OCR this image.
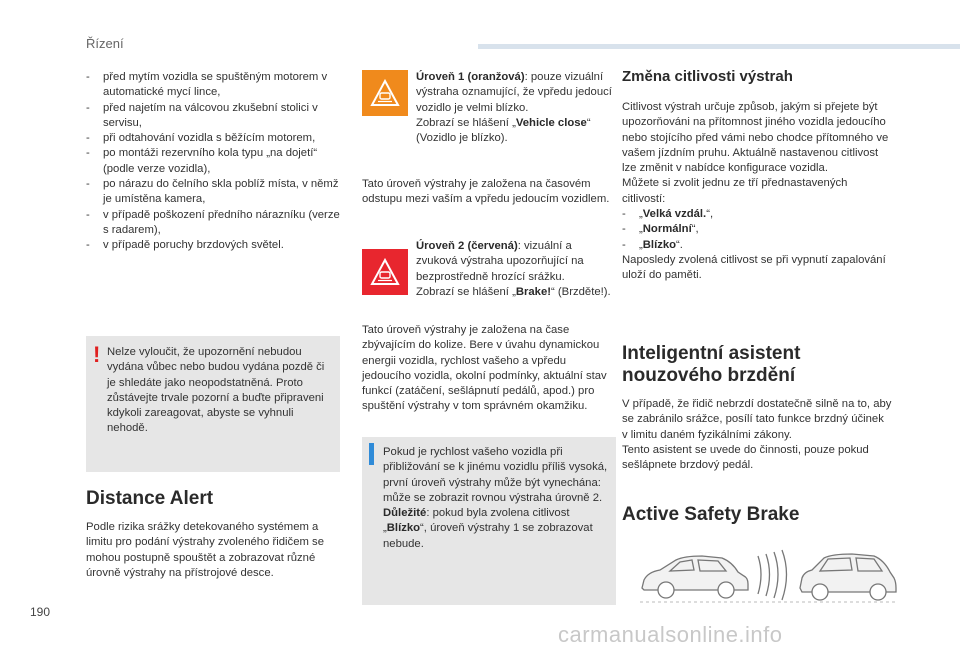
Řízení
- před mytím vozidla se spuštěným motorem v automatické mycí lince,
- před najetím na válcovou zkušební stolici v servisu,
- při odtahování vozidla s běžícím motorem,
- po montáži rezervního kola typu „na dojetí“ (podle verze vozidla),
- po nárazu do čelního skla poblíž místa, v němž je umístěna kamera,
- v případě poškození předního nárazníku (verze s radarem),
- v případě poruchy brzdových světel.
! Nelze vyloučit, že upozornění nebudou vydána vůbec nebo budou vydána pozdě či je shledáte jako neopodstatněná. Proto zůstávejte trvale pozorní a buďte připraveni kdykoli zareagovat, abyste se vyhnuli nehodě.
Distance Alert
Podle rizika srážky detekovaného systémem a limitu pro podání výstrahy zvoleného řidičem se mohou postupně spouštět a zobrazovat různé úrovně výstrahy na přístrojové desce.
Úroveň 1 (oranžová): pouze vizuální výstraha oznamující, že vpředu jedoucí vozidlo je velmi blízko.
Zobrazí se hlášení „Vehicle close“ (Vozidlo je blízko).
Tato úroveň výstrahy je založena na časovém odstupu mezi vaším a vpředu jedoucím vozidlem.
Úroveň 2 (červená): vizuální a zvuková výstraha upozorňující na bezprostředně hrozící srážku.
Zobrazí se hlášení „Brake!“ (Brzděte!).
Tato úroveň výstrahy je založena na čase zbývajícím do kolize. Bere v úvahu dynamickou energii vozidla, rychlost vašeho a vpředu jedoucího vozidla, okolní podmínky, aktuální stav funkcí (zatáčení, sešlápnutí pedálů, apod.) pro spuštění výstrahy v tom správném okamžiku.
Pokud je rychlost vašeho vozidla při přibližování se k jinému vozidlu příliš vysoká, první úroveň výstrahy může být vynechána: může se zobrazit rovnou výstraha úrovně 2.
Důležité: pokud byla zvolena citlivost „Blízko“, úroveň výstrahy 1 se zobrazovat nebude.
Změna citlivosti výstrah
Citlivost výstrah určuje způsob, jakým si přejete být upozorňováni na přítomnost jiného vozidla jedoucího nebo stojícího před vámi nebo chodce přítomného ve vašem jízdním pruhu. Aktuálně nastavenou citlivost lze změnit v nabídce konfigurace vozidla.
Můžete si zvolit jednu ze tří přednastavených citlivostí:
- „Velká vzdál.“,
- „Normální“,
- „Blízko“.
Naposledy zvolená citlivost se při vypnutí zapalování uloží do paměti.
Inteligentní asistent
nouzového brzdění
V případě, že řidič nebrzdí dostatečně silně na to, aby se zabránilo srážce, posílí tato funkce brzdný účinek v limitu daném fyzikálními zákony.
Tento asistent se uvede do činnosti, pouze pokud sešlápnete brzdový pedál.
Active Safety Brake
190
carmanualsonline.info
